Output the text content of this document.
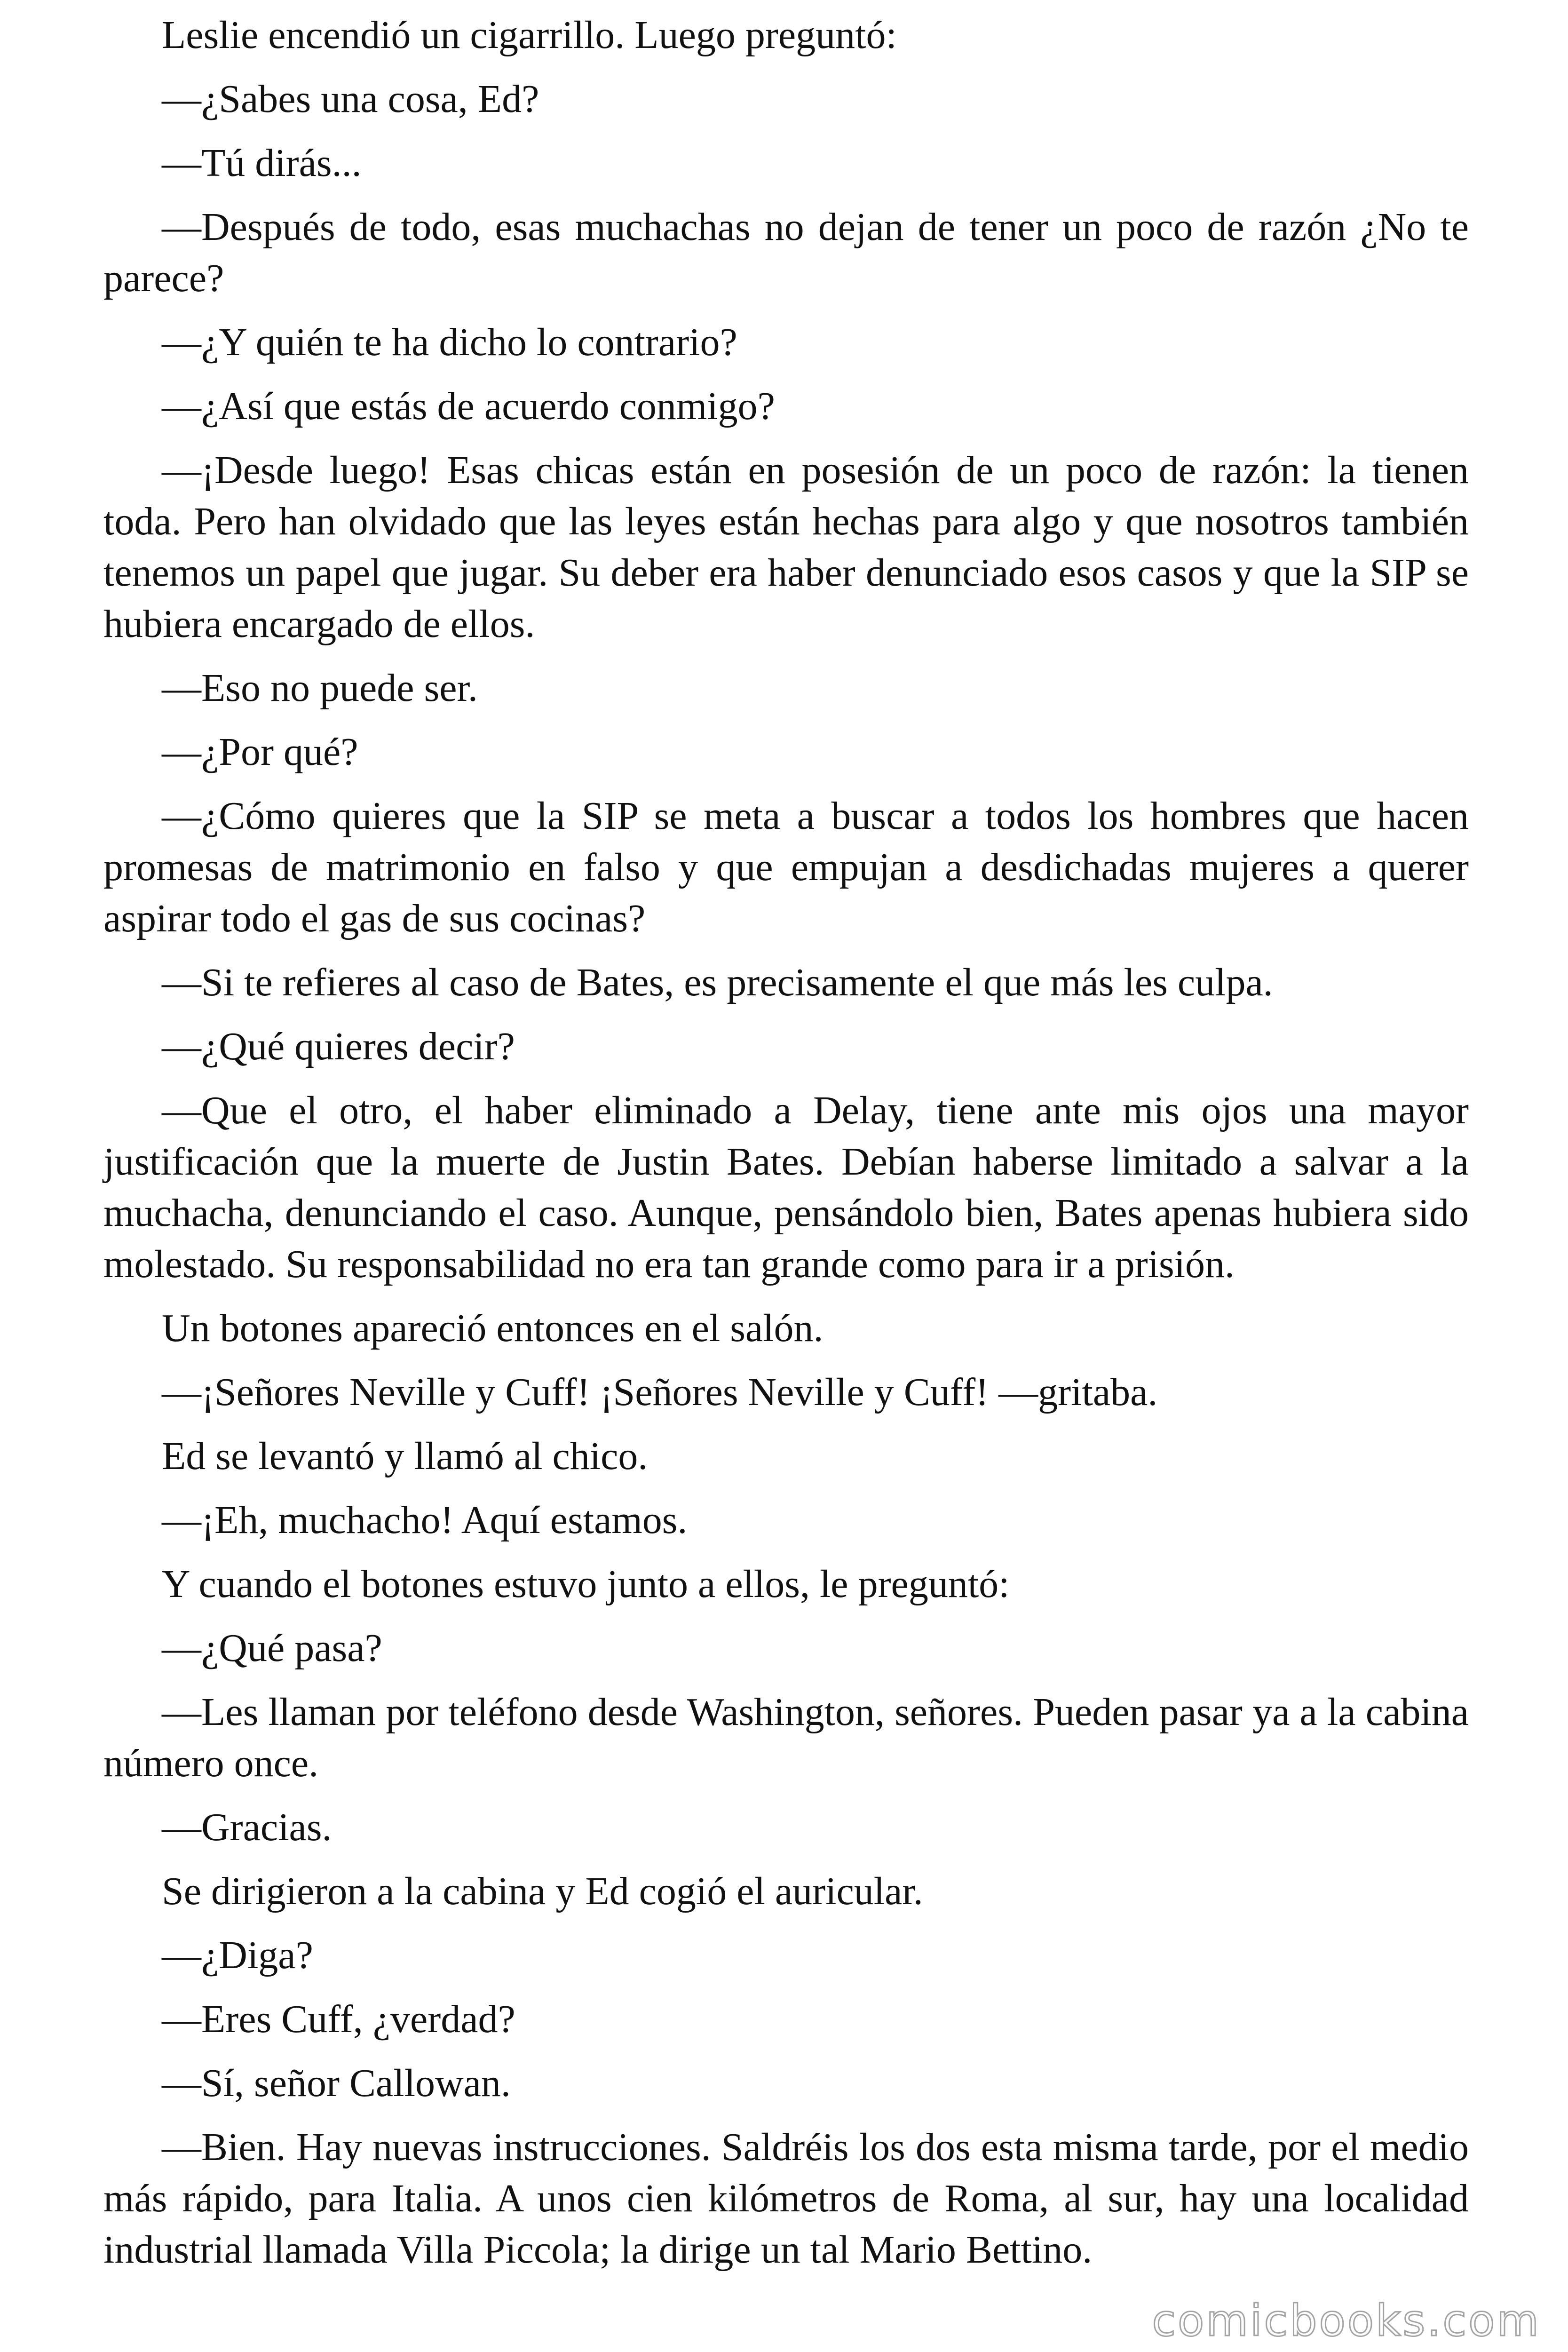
Leslie encendió un cigarrillo. Luego preguntó:

—¿Sabes una cosa, Ed?

—Tú dirás...

—Después de todo, esas muchachas no dejan de tener un poco de razón ¿No te parece?

—¿Y quién te ha dicho lo contrario?

—¿Así que estás de acuerdo conmigo?

—¡Desde luego! Esas chicas están en posesión de un poco de razón: la tienen toda. Pero han olvidado que las leyes están hechas para algo y que nosotros también tenemos un papel que jugar. Su deber era haber denunciado esos casos y que la SIP se hubiera encargado de ellos.

—Eso no puede ser.

—¿Por qué?

—¿Cómo quieres que la SIP se meta a buscar a todos los hombres que hacen promesas de matrimonio en falso y que empujan a desdichadas mujeres a querer aspirar todo el gas de sus cocinas?

—Si te refieres al caso de Bates, es precisamente el que más les culpa.

—¿Qué quieres decir?

—Que el otro, el haber eliminado a Delay, tiene ante mis ojos una mayor justificación que la muerte de Justin Bates. Debían haberse limitado a salvar a la muchacha, denunciando el caso. Aunque, pensándolo bien, Bates apenas hubiera sido molestado. Su responsabilidad no era tan grande como para ir a prisión.

Un botones apareció entonces en el salón.

—¡Señores Neville y Cuff! ¡Señores Neville y Cuff! —gritaba.

Ed se levantó y llamó al chico.

—¡Eh, muchacho! Aquí estamos.

Y cuando el botones estuvo junto a ellos, le preguntó:

—¿Qué pasa?

—Les llaman por teléfono desde Washington, señores. Pueden pasar ya a la cabina número once.

—Gracias.

Se dirigieron a la cabina y Ed cogió el auricular.

—¿Diga?

—Eres Cuff, ¿verdad?

—Sí, señor Callowan.

—Bien. Hay nuevas instrucciones. Saldréis los dos esta misma tarde, por el medio más rápido, para Italia. A unos cien kilómetros de Roma, al sur, hay una localidad industrial llamada Villa Piccola; la dirige un tal Mario Bettino.

comicbooks.com
